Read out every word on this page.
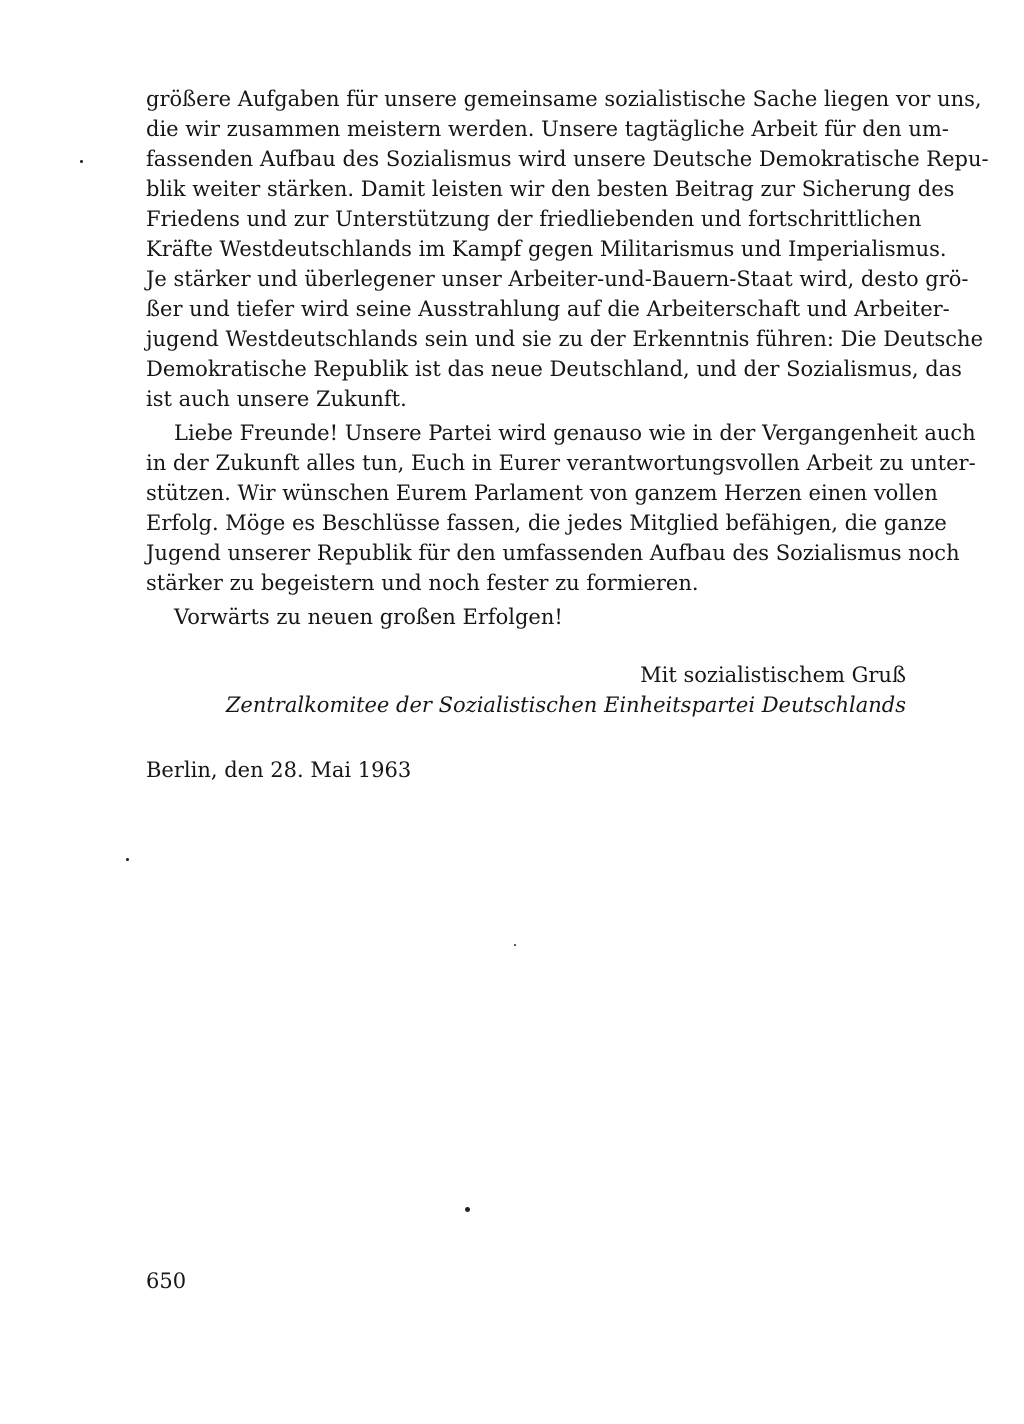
größere Aufgaben für unsere gemeinsame sozialistische Sache liegen vor uns,
die wir zusammen meistern werden. Unsere tagtägliche Arbeit für den um-
fassenden Aufbau des Sozialismus wird unsere Deutsche Demokratische Repu-
blik weiter stärken. Damit leisten wir den besten Beitrag zur Sicherung des
Friedens und zur Unterstützung der friedliebenden und fortschrittlichen
Kräfte Westdeutschlands im Kampf gegen Militarismus und Imperialismus.
Je stärker und überlegener unser Arbeiter-und-Bauern-Staat wird, desto grö-
ßer und tiefer wird seine Ausstrahlung auf die Arbeiterschaft und Arbeiter-
jugend Westdeutschlands sein und sie zu der Erkenntnis führen: Die Deutsche
Demokratische Republik ist das neue Deutschland, und der Sozialismus, das
ist auch unsere Zukunft.
Liebe Freunde! Unsere Partei wird genauso wie in der Vergangenheit auch
in der Zukunft alles tun, Euch in Eurer verantwortungsvollen Arbeit zu unter-
stützen. Wir wünschen Eurem Parlament von ganzem Herzen einen vollen
Erfolg. Möge es Beschlüsse fassen, die jedes Mitglied befähigen, die ganze
Jugend unserer Republik für den umfassenden Aufbau des Sozialismus noch
stärker zu begeistern und noch fester zu formieren.
Vorwärts zu neuen großen Erfolgen!
Mit sozialistischem Gruß
Zentralkomitee der Sozialistischen Einheitspartei Deutschlands
Berlin, den 28. Mai 1963
650
